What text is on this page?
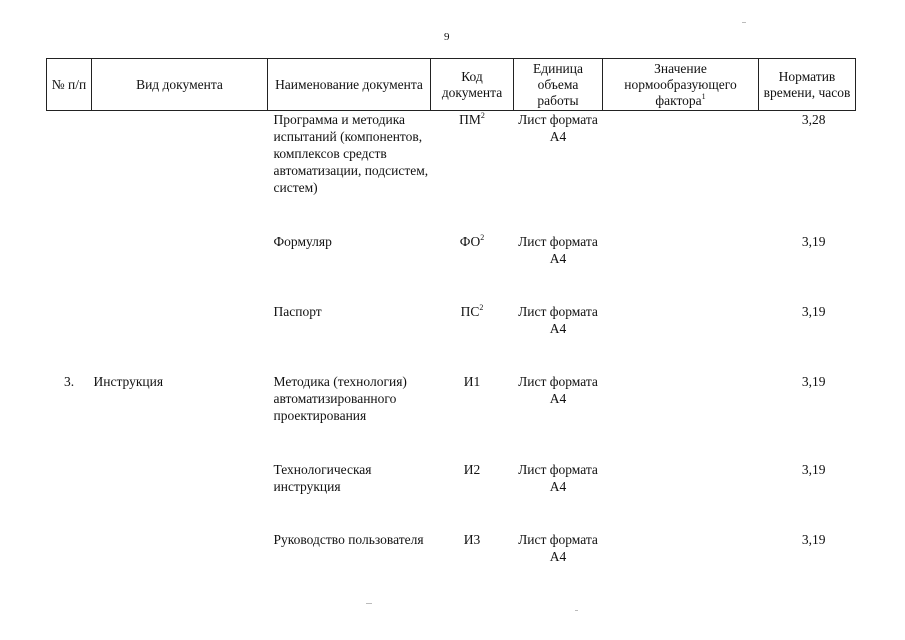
9
№ п/п	Вид документа	Наименование документа	Код документа	Единица объема работы	Значение нормообразующего фактора$^1$	Норматив времени, часов
		Программа и методика испытаний (компонентов, комплексов средств автоматизации, подсистем, систем)	$ПМ^2$	Лист формата А4		3,28
		Формуляр	$ФО^2$	Лист формата А4		3,19
		Паспорт	$ПС^2$	Лист формата А4		3,19
3.	Инструкция	Методика (технология) автоматизированного проектирования	И1	Лист формата А4		3,19
		Технологическая инструкция	И2	Лист формата А4		3,19
		Руководство пользователя	И3	Лист формата А4		3,19
